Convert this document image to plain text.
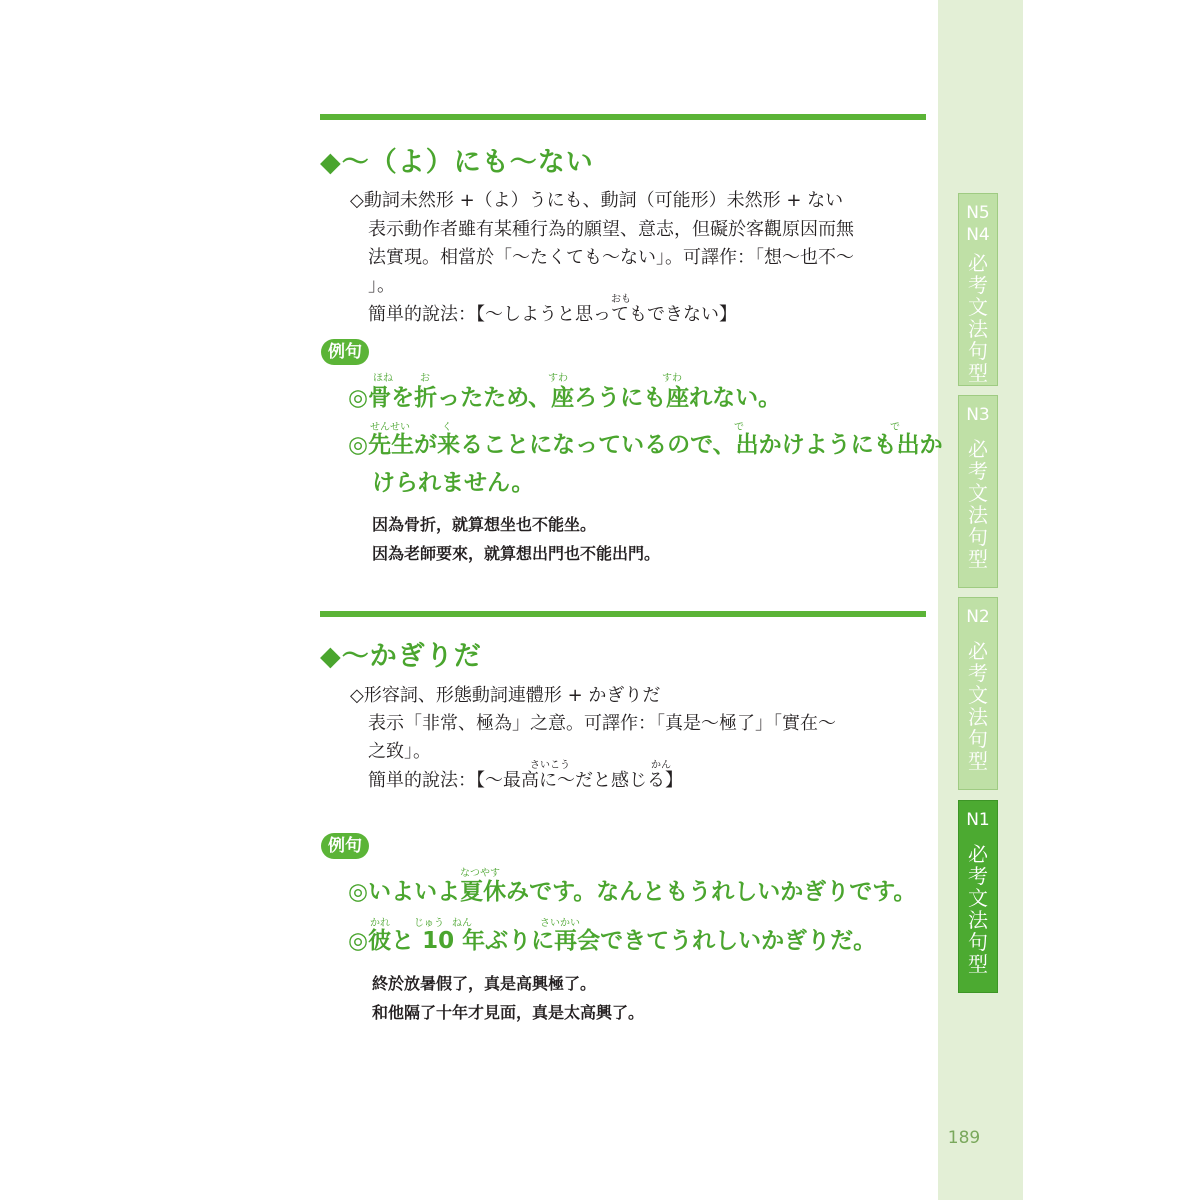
N5
N4
必考文法句型
N3
必考文法句型
N2
必考文法句型
N1
必考文法句型
189
◆〜（よ）にも〜ない
◇動詞未然形 +（よ）うにも、動詞（可能形）未然形 + ない
表示動作者雖有某種行為的願望、意志，但礙於客觀原因而無
法實現。相當於「〜たくても〜ない」。可譯作：「想〜也不〜
」。
おも
簡単的說法：【〜しようと思ってもできない】
例句
ほね	お	すわ	すわ
◎骨を折ったため、座ろうにも座れない。
せんせい	く	で	で
◎先生が来ることになっているので、出かけようにも出か
けられません。
因為骨折，就算想坐也不能坐。
因為老師要來，就算想出門也不能出門。
◆〜かぎりだ
◇形容詞、形態動詞連體形 + かぎりだ
表示「非常、極為」之意。可譯作：「真是〜極了」「實在〜
之致」。
さいこう	かん
簡単的說法：【〜最高に〜だと感じる】
例句
なつやす
◎いよいよ夏休みです。なんともうれしいかぎりです。
かれ じゅう ねん	さいかい
◎彼と 10 年ぶりに再会できてうれしいかぎりだ。
終於放暑假了，真是高興極了。
和他隔了十年才見面，真是太高興了。
